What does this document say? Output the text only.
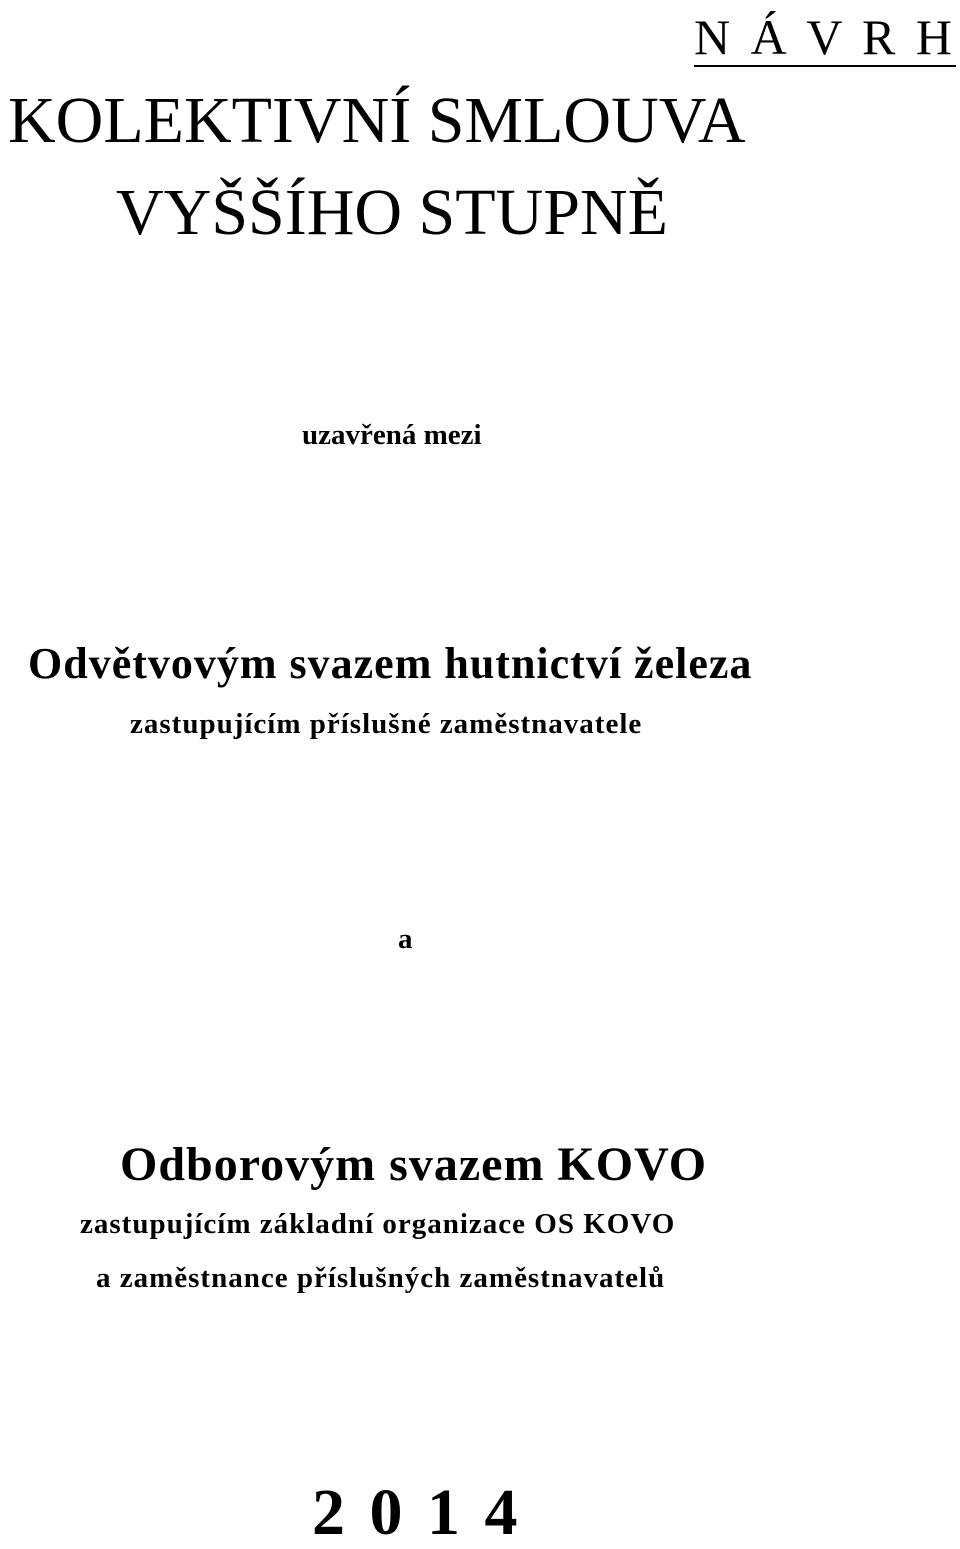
N Á V R H
KOLEKTIVNÍ SMLOUVA
VYŠŠÍHO STUPNĚ
uzavřená mezi
Odvětvovým svazem hutnictví železa
zastupujícím příslušné zaměstnavatele
a
Odborovým svazem KOVO
zastupujícím základní organizace OS KOVO
a zaměstnance příslušných zaměstnavatelů
2 0 1 4
